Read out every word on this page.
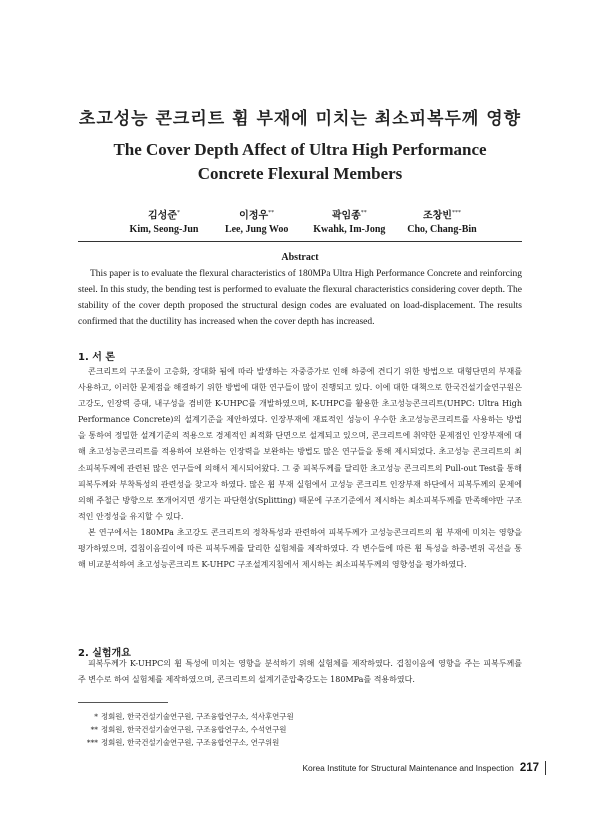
초고성능 콘크리트 휨 부재에 미치는 최소피복두께 영향
The Cover Depth Affect of Ultra High Performance
Concrete Flexural Members
김성준*
Kim, Seong-Jun
이정우**
Lee, Jung Woo
곽임종**
Kwahk, Im-Jong
조창빈***
Cho, Chang-Bin
Abstract
This paper is to evaluate the flexural characteristics of 180MPa Ultra High Performance Concrete and reinforcing steel. In this study, the bending test is performed to evaluate the flexural characteristics considering cover depth. The stability of the cover depth proposed the structural design codes are evaluated on load-displacement. The results confirmed that the ductility has increased when the cover depth has increased.
1. 서 론

콘크리트의 구조물이 고층화, 장대화 됨에 따라 발생하는 자중증가로 인해 하중에 견디기 위한 방법으로 대형단면의 부재를 사용하고, 이러한 문제점을 해결하기 위한 방법에 대한 연구들이 많이 진행되고 있다. 이에 대한 대책으로 한국건설기술연구원은 고강도, 인장력 증대, 내구성을 겸비한 K-UHPC를 개발하였으며, K-UHPC를 활용한 초고성능콘크리트(UHPC: Ultra High Performance Concrete)의 설계기준을 제안하였다. 인장부재에 재료적인 성능이 우수한 초고성능콘크리트를 사용하는 방법을 통하여 정밀한 설계기준의 적용으로 경제적인 최적화 단면으로 설계되고 있으며, 콘크리트에 취약한 문제점인 인장부재에 대해 초고성능콘크리트를 적용하여 보완하는 인장력을 보완하는 방법도 많은 연구들을 통해 제시되었다. 초고성능 콘크리트의 최소피복두께에 관련된 많은 연구들에 의해서 제시되어왔다. 그 중 피복두께를 달리한 초고성능 콘크리트의 Pull-out Test를 통해 피복두께와 부착특성의 관련성을 찾고자 하였다. 많은 휨 부재 실험에서 고성능 콘크리트 인장부재 하단에서 피복두께의 문제에 의해 주철근 방향으로 쪼개어지면 생기는 파단현상(Splitting) 때문에 구조기준에서 제시하는 최소피복두께를 만족해야만 구조적인 안정성을 유지할 수 있다.

본 연구에서는 180MPa 초고강도 콘크리트의 정착특성과 관련하여 피복두께가 고성능콘크리트의 휨 부재에 미치는 영향을 평가하였으며, 겹침이음길이에 따른 피복두께를 달리한 실험체를 제작하였다. 각 변수들에 따른 휨 특성을 하중-변위 곡선을 통해 비교분석하여 초고성능콘크리트 K-UHPC 구조설계지침에서 제시하는 최소피복두께의 영향성을 평가하였다.

2. 실험개요

피복두께가 K-UHPC의 휨 특성에 미치는 영향을 분석하기 위해 실험체를 제작하였다. 겹침이음에 영향을 주는 피복두께를 주 변수로 하여 실험체를 제작하였으며, 콘크리트의 설계기준압축강도는 180MPa를 적용하였다.

* 정회원, 한국건설기술연구원, 구조융합연구소, 석사후연구원
** 정회원, 한국건설기술연구원, 구조융합연구소, 수석연구원
*** 정회원, 한국건설기술연구원, 구조융합연구소, 연구위원
Korea Institute for Structural Maintenance and Inspection 217
